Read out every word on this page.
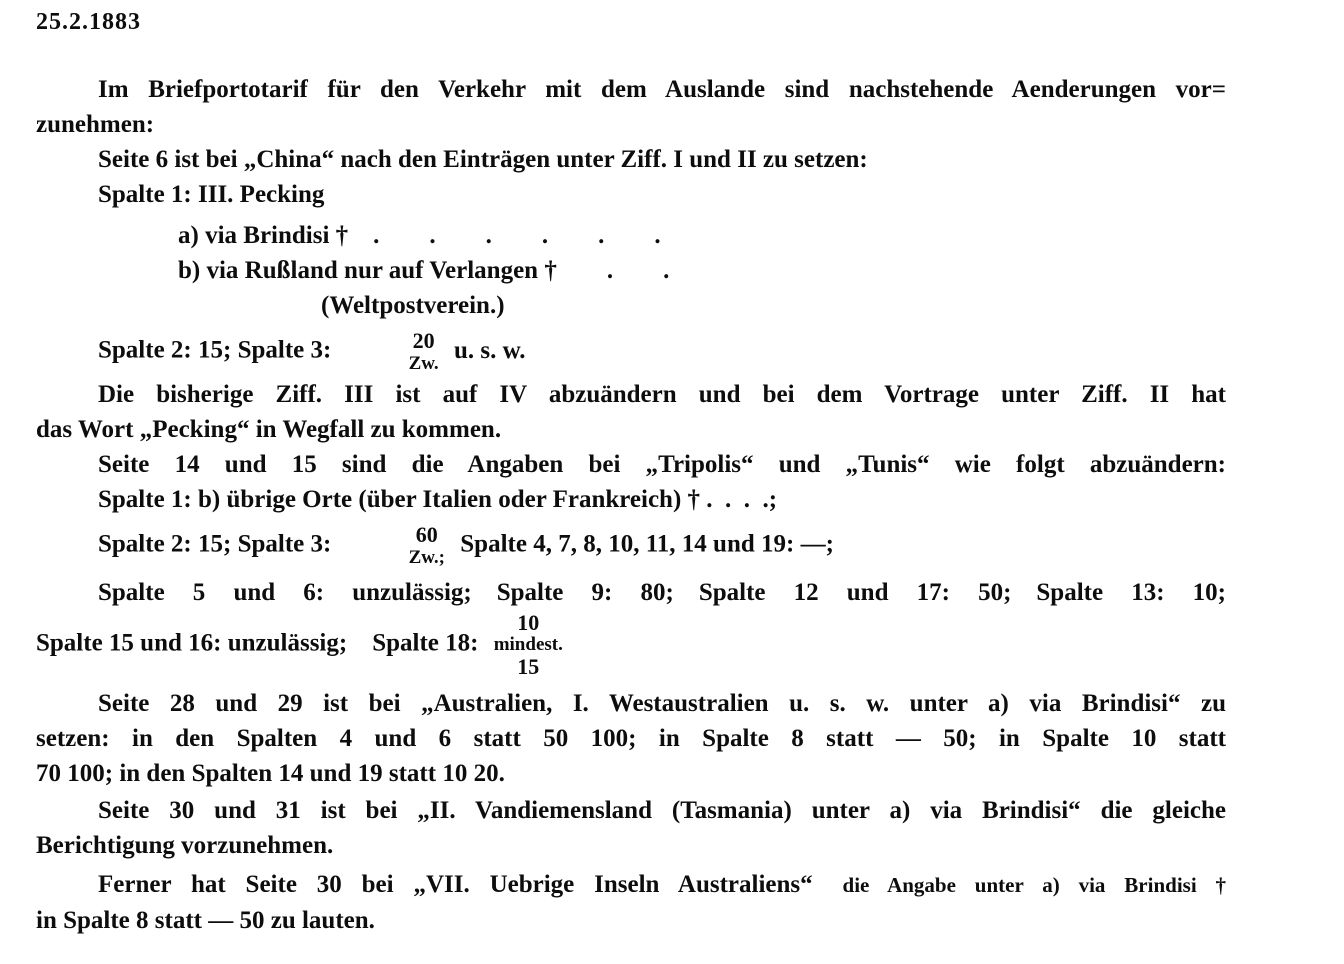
25.2.1883
Im Briefportotarif für den Verkehr mit dem Auslande sind nachstehende Aenderungen vor=
zunehmen:
Seite 6 ist bei „China“ nach den Einträgen unter Ziff. I und II zu setzen:
Spalte 1: III. Pecking
a) via Brindisi † .  .  .  .  .  .
b) via Rußland nur auf Verlangen †  .  .
(Weltpostverein.)
Spalte 2: 15; Spalte 3:	20
Zw. u. s. w.
Die bisherige Ziff. III ist auf IV abzuändern und bei dem Vortrage unter Ziff. II hat
das Wort „Pecking“ in Wegfall zu kommen.
Seite 14 und 15 sind die Angaben bei „Tripolis“ und „Tunis“ wie folgt abzuändern:
Spalte 1: b) übrige Orte (über Italien oder Frankreich) † . . . .;
Spalte 2: 15; Spalte 3:	60
Zw.; Spalte 4, 7, 8, 10, 11, 14 und 19: —;
Spalte 5 und 6: unzulässig; Spalte 9: 80; Spalte 12 und 17: 50; Spalte 13: 10;
Spalte 15 und 16: unzulässig; Spalte 18:
10
mindest.
15
Seite 28 und 29 ist bei „Australien, I. Westaustralien u. s. w. unter a) via Brindisi“ zu
setzen: in den Spalten 4 und 6 statt 50 100; in Spalte 8 statt — 50; in Spalte 10 statt
70 100; in den Spalten 14 und 19 statt 10 20.
Seite 30 und 31 ist bei „II. Vandiemensland (Tasmania) unter a) via Brindisi“ die gleiche
Berichtigung vorzunehmen.
Ferner hat Seite 30 bei „VII. Uebrige Inseln Australiens“ die Angabe unter a) via Brindisi †
in Spalte 8 statt — 50 zu lauten.
